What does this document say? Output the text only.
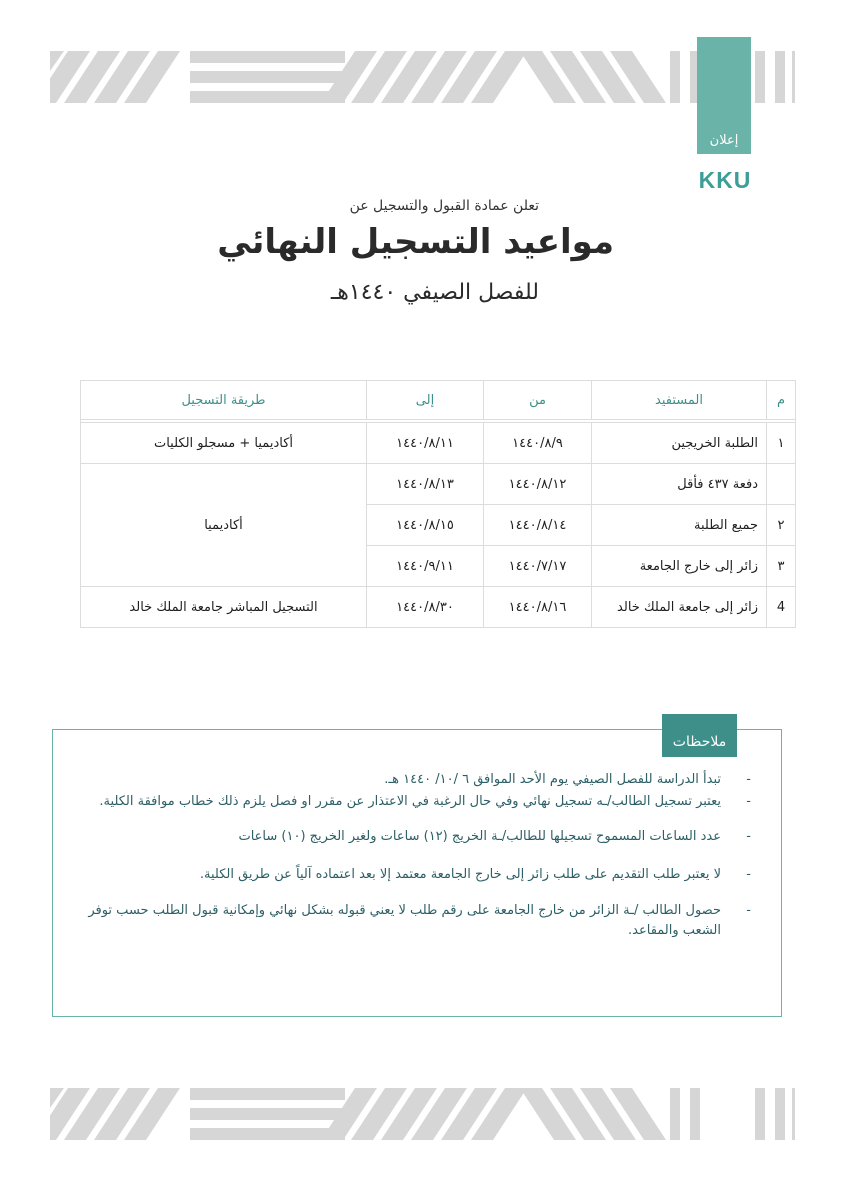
إعلان
KKU
تعلن عمادة القبول والتسجيل عن
مواعيد التسجيل النهائي
للفصل الصيفي ١٤٤٠هـ
م	المستفيد	من	إلى	طريقة التسجيل

١	الطلبة الخريجين	١٤٤٠/٨/٩	١٤٤٠/٨/١١	أكاديميا + مسجلو الكليات
	دفعة ٤٣٧ فأقل	١٤٤٠/٨/١٢	١٤٤٠/٨/١٣	أكاديميا
٢	جميع الطلبة	١٤٤٠/٨/١٤	١٤٤٠/٨/١٥	
٣	زائر إلى خارج الجامعة	١٤٤٠/٧/١٧	١٤٤٠/٩/١١	
4	زائر إلى جامعة الملك خالد	١٤٤٠/٨/١٦	١٤٤٠/٨/٣٠	التسجيل المباشر جامعة الملك خالد
- تبدأ الدراسة للفصل الصيفي يوم الأحد الموافق ٦ /١٠/ ١٤٤٠ هـ.
- يعتبر تسجيل الطالب/ـه تسجيل نهائي وفي حال الرغبة في الاعتذار عن مقرر او فصل يلزم ذلك خطاب موافقة الكلية.
- عدد الساعات المسموح تسجيلها للطالب/ـة الخريج (١٢) ساعات ولغير الخريج (١٠) ساعات
- لا يعتبر طلب التقديم على طلب زائر إلى خارج الجامعة معتمد إلا بعد اعتماده آلياً عن طريق الكلية.
- حصول الطالب /ـة الزائر من خارج الجامعة على رقم طلب لا يعني قبوله بشكل نهائي وإمكانية قبول الطلب حسب توفر الشعب والمقاعد.
ملاحظات
